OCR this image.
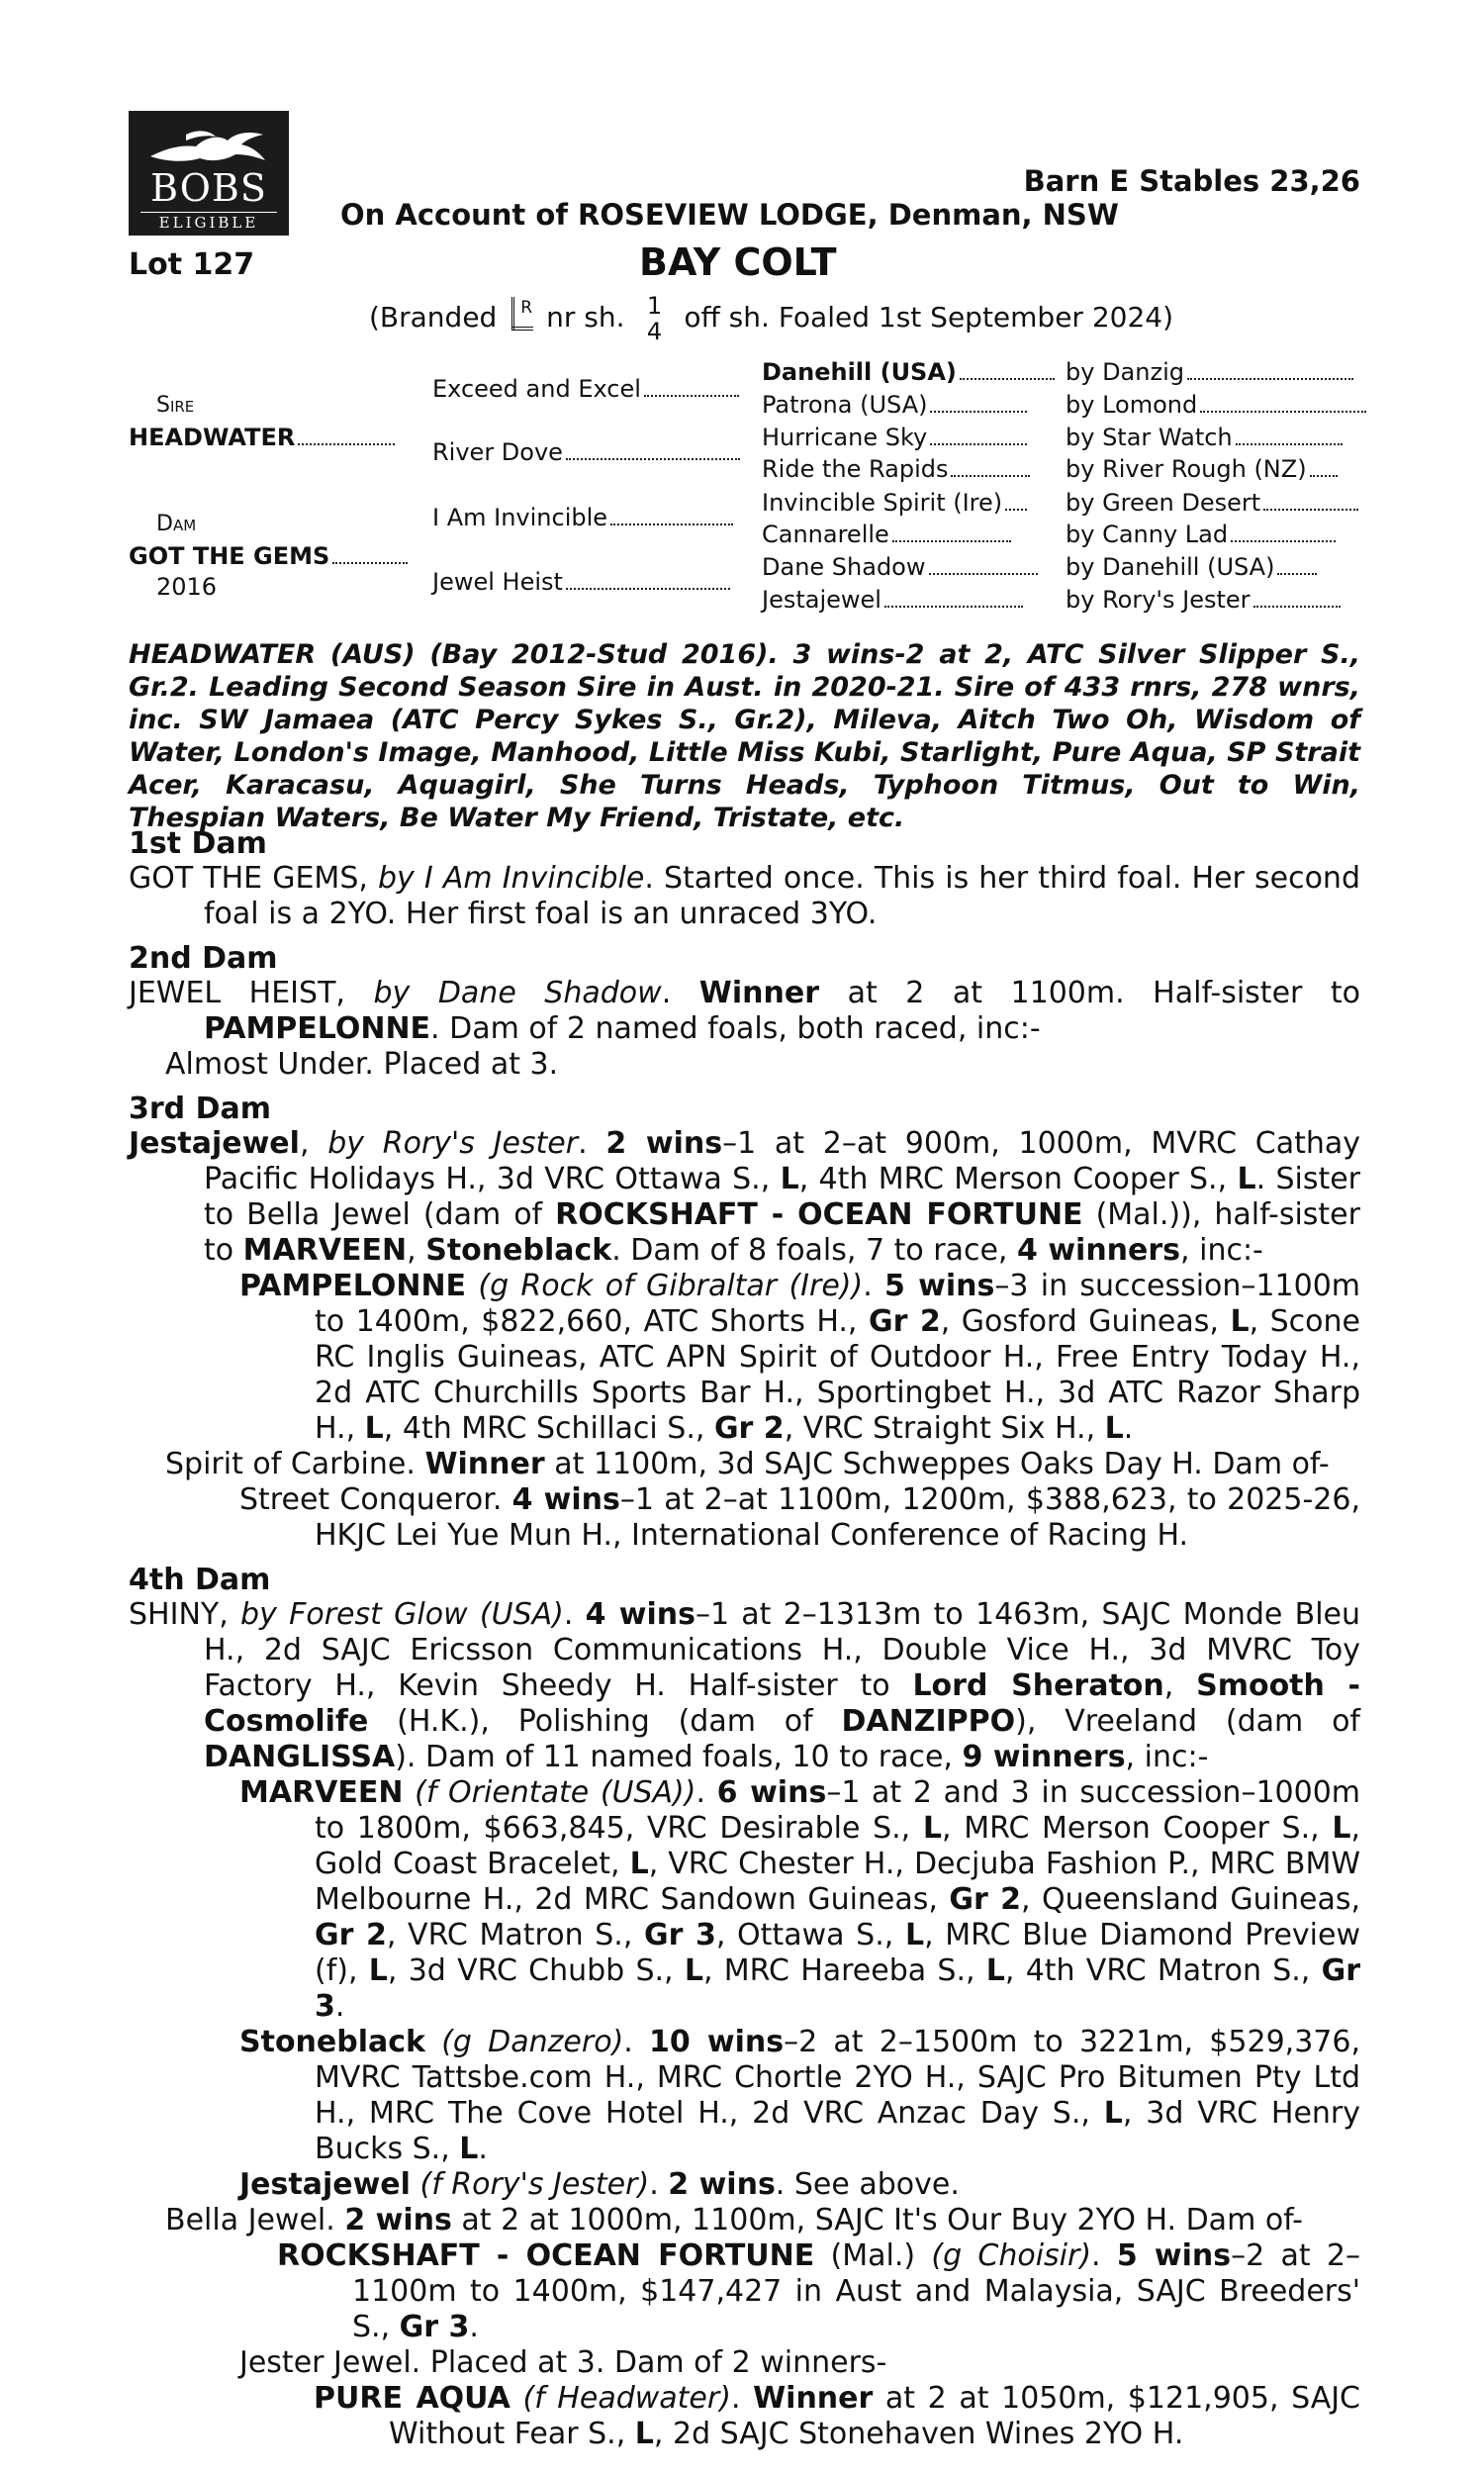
BOBS
ELIGIBLE
Barn E Stables 23,26
On Account of ROSEVIEW LODGE, Denman, NSW
Lot 127	BAY COLT
(Branded R nr sh. 1
4 off sh. Foaled 1st September 2024)
Sire
HEADWATER
Dam
GOT THE GEMS
2016
Exceed and Excel
River Dove
I Am Invincible
Jewel Heist
Danehill (USA)	by Danzig
Patrona (USA)	by Lomond
Hurricane Sky	by Star Watch
Ride the Rapids	by River Rough (NZ)
Invincible Spirit (Ire)	by Green Desert
Cannarelle	by Canny Lad
Dane Shadow	by Danehill (USA)
Jestajewel	by Rory's Jester
HEADWATER (AUS) (Bay 2012-Stud 2016). 3 wins-2 at 2, ATC Silver Slipper S., Gr.2. Leading Second Season Sire in Aust. in 2020-21. Sire of 433 rnrs, 278 wnrs, inc. SW Jamaea (ATC Percy Sykes S., Gr.2), Mileva, Aitch Two Oh, Wisdom of Water, London's Image, Manhood, Little Miss Kubi, Starlight, Pure Aqua, SP Strait Acer, Karacasu, Aquagirl, She Turns Heads, Typhoon Titmus, Out to Win, Thespian Waters, Be Water My Friend, Tristate, etc.
1st Dam
GOT THE GEMS, by I Am Invincible. Started once. This is her third foal. Her second foal is a 2YO. Her first foal is an unraced 3YO.
2nd Dam
JEWEL HEIST, by Dane Shadow. Winner at 2 at 1100m. Half-sister to PAMPELONNE. Dam of 2 named foals, both raced, inc:-
Almost Under. Placed at 3.
3rd Dam
Jestajewel, by Rory's Jester. 2 wins–1 at 2–at 900m, 1000m, MVRC Cathay Pacific Holidays H., 3d VRC Ottawa S., L, 4th MRC Merson Cooper S., L. Sister to Bella Jewel (dam of ROCKSHAFT - OCEAN FORTUNE (Mal.)), half-sister to MARVEEN, Stoneblack. Dam of 8 foals, 7 to race, 4 winners, inc:-
PAMPELONNE (g Rock of Gibraltar (Ire)). 5 wins–3 in succession–1100m to 1400m, $822,660, ATC Shorts H., Gr 2, Gosford Guineas, L, Scone RC Inglis Guineas, ATC APN Spirit of Outdoor H., Free Entry Today H., 2d ATC Churchills Sports Bar H., Sportingbet H., 3d ATC Razor Sharp H., L, 4th MRC Schillaci S., Gr 2, VRC Straight Six H., L.
Spirit of Carbine. Winner at 1100m, 3d SAJC Schweppes Oaks Day H. Dam of-
Street Conqueror. 4 wins–1 at 2–at 1100m, 1200m, $388,623, to 2025-26, HKJC Lei Yue Mun H., International Conference of Racing H.
4th Dam
SHINY, by Forest Glow (USA). 4 wins–1 at 2–1313m to 1463m, SAJC Monde Bleu H., 2d SAJC Ericsson Communications H., Double Vice H., 3d MVRC Toy Factory H., Kevin Sheedy H. Half-sister to Lord Sheraton, Smooth - Cosmolife (H.K.), Polishing (dam of DANZIPPO), Vreeland (dam of DANGLISSA). Dam of 11 named foals, 10 to race, 9 winners, inc:-
MARVEEN (f Orientate (USA)). 6 wins–1 at 2 and 3 in succession–1000m to 1800m, $663,845, VRC Desirable S., L, MRC Merson Cooper S., L, Gold Coast Bracelet, L, VRC Chester H., Decjuba Fashion P., MRC BMW Melbourne H., 2d MRC Sandown Guineas, Gr 2, Queensland Guineas, Gr 2, VRC Matron S., Gr 3, Ottawa S., L, MRC Blue Diamond Preview (f), L, 3d VRC Chubb S., L, MRC Hareeba S., L, 4th VRC Matron S., Gr 3.
Stoneblack (g Danzero). 10 wins–2 at 2–1500m to 3221m, $529,376, MVRC Tattsbe.com H., MRC Chortle 2YO H., SAJC Pro Bitumen Pty Ltd H., MRC The Cove Hotel H., 2d VRC Anzac Day S., L, 3d VRC Henry Bucks S., L.
Jestajewel (f Rory's Jester). 2 wins. See above.
Bella Jewel. 2 wins at 2 at 1000m, 1100m, SAJC It's Our Buy 2YO H. Dam of-
ROCKSHAFT - OCEAN FORTUNE (Mal.) (g Choisir). 5 wins–2 at 2–1100m to 1400m, $147,427 in Aust and Malaysia, SAJC Breeders' S., Gr 3.
Jester Jewel. Placed at 3. Dam of 2 winners-
PURE AQUA (f Headwater). Winner at 2 at 1050m, $121,905, SAJC Without Fear S., L, 2d SAJC Stonehaven Wines 2YO H.
